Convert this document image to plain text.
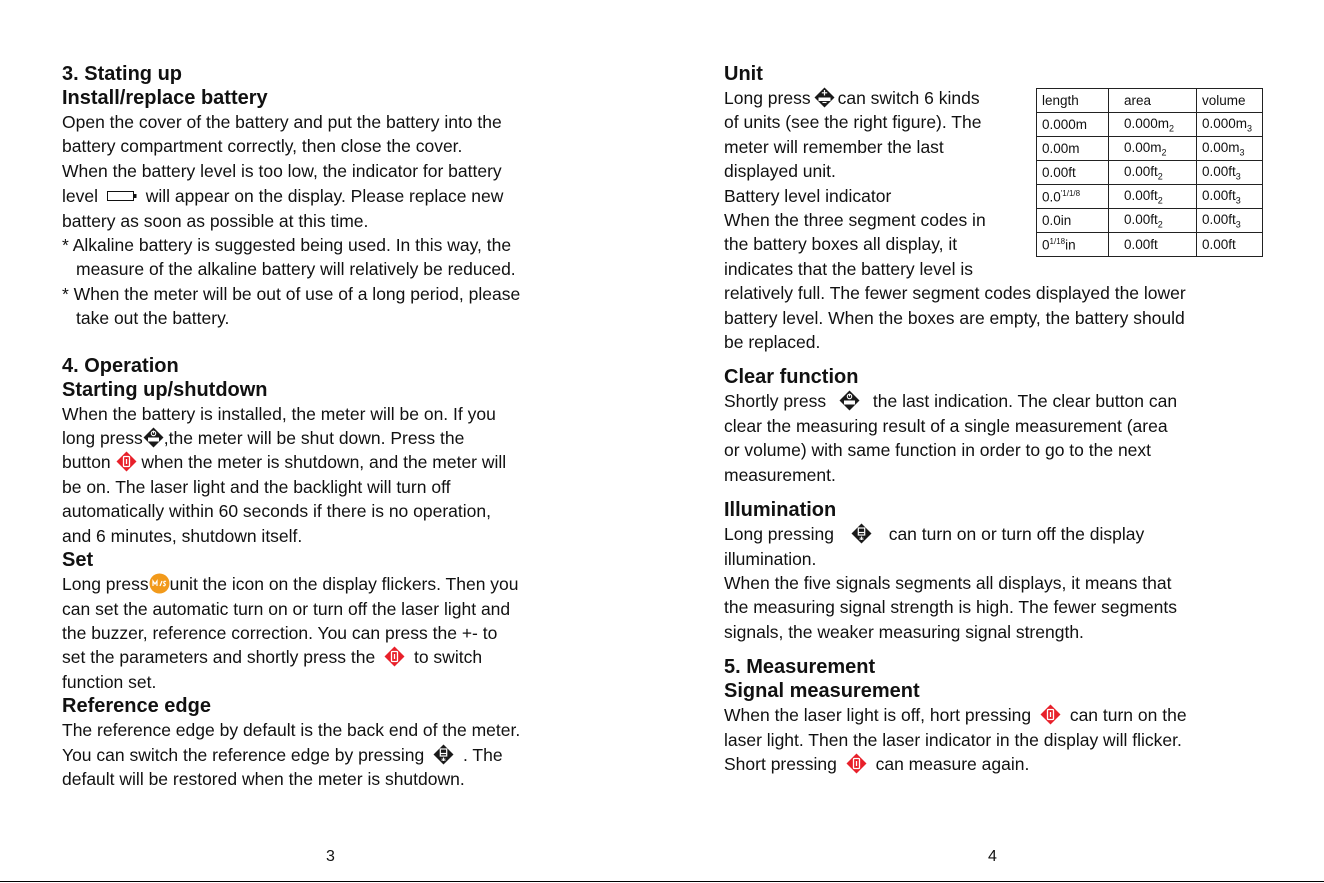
3. Stating up

Install/replace battery

Open the cover of the battery and put the battery into the

battery compartment correctly, then close the cover.

When the battery level is too low, the indicator for battery

level	will appear on the display. Please replace new

battery as soon as possible at this time.

* Alkaline battery is suggested being used. In this way, the

measure of the alkaline battery will relatively be reduced.

* When the meter will be out of use of a long period, please

take out the battery.

4. Operation

Starting up/shutdown

When the battery is installed, the meter will be on. If you

long press ,the meter will be shut down. Press the

button when the meter is shutdown, and the meter will

be on. The laser light and the backlight will turn off

automatically within 60 seconds if there is no operation,

and 6 minutes, shutdown itself.

Set

Long press unit the icon on the display flickers. Then you

can set the automatic turn on or turn off the laser light and

the buzzer, reference correction. You can press the +- to

set the parameters and shortly press the to switch

function set.

Reference edge

The reference edge by default is the back end of the meter.

You can switch the reference edge by pressing . The

default will be restored when the meter is shutdown.

Unit

Long press can switch 6 kinds

of units (see the right figure). The

meter will remember the last

displayed unit.

Battery level indicator

When the three segment codes in

the battery boxes all display, it

indicates that the battery level is

relatively full. The fewer segment codes displayed the lower

battery level. When the boxes are empty, the battery should

be replaced.

Clear function

Shortly press	the last indication. The clear button can

clear the measuring result of a single measurement (area

or volume) with same function in order to go to the next

measurement.

Illumination

Long pressing	can turn on or turn off the display

illumination.

When the five signals segments all displays, it means that

the measuring signal strength is high. The fewer segments

signals, the weaker measuring signal strength.

5. Measurement

Signal measurement

When the laser light is off, hort pressing can turn on the

laser light. Then the laser indicator in the display will flicker.

Short pressing can measure again.

length	area	volume
0.000m	$0.000m_2$	$0.000m_3$
0.00m	$0.00m_2$	$0.00m_3$
0.00ft	$0.00ft_2$	$0.00ft_3$
$0.0^{'1/1/8}$	$0.00ft_2$	$0.00ft_3$
0.0in	$0.00ft_2$	$0.00ft_3$
$0^{1/18}in$	0.00ft	0.00ft
3	4
